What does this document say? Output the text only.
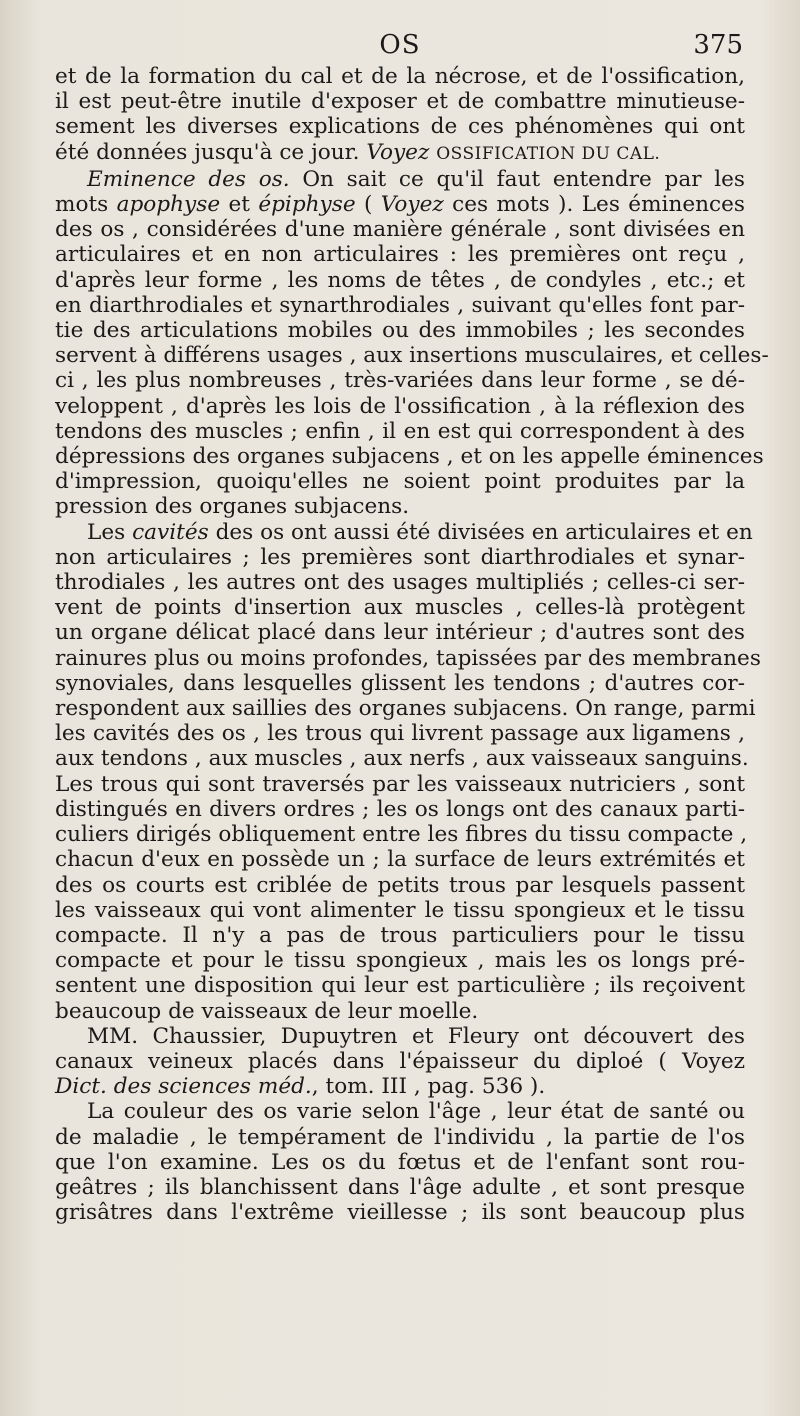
OS	375
et de la formation du cal et de la nécrose, et de l'ossification,
il est peut-être inutile d'exposer et de combattre minutieuse-
sement les diverses explications de ces phénomènes qui ont
été données jusqu'à ce jour. Voyez OSSIFICATION DU CAL.
Eminence des os. On sait ce qu'il faut entendre par les
mots apophyse et épiphyse ( Voyez ces mots ). Les éminences
des os , considérées d'une manière générale , sont divisées en
articulaires et en non articulaires : les premières ont reçu ,
d'après leur forme , les noms de têtes , de condyles , etc.; et
en diarthrodiales et synarthrodiales , suivant qu'elles font par-
tie des articulations mobiles ou des immobiles ; les secondes
servent à différens usages , aux insertions musculaires, et celles-
ci , les plus nombreuses , très-variées dans leur forme , se dé-
veloppent , d'après les lois de l'ossification , à la réflexion des
tendons des muscles ; enfin , il en est qui correspondent à des
dépressions des organes subjacens , et on les appelle éminences
d'impression, quoiqu'elles ne soient point produites par la
pression des organes subjacens.
Les cavités des os ont aussi été divisées en articulaires et en
non articulaires ; les premières sont diarthrodiales et synar-
throdiales , les autres ont des usages multipliés ; celles-ci ser-
vent de points d'insertion aux muscles , celles-là protègent
un organe délicat placé dans leur intérieur ; d'autres sont des
rainures plus ou moins profondes, tapissées par des membranes
synoviales, dans lesquelles glissent les tendons ; d'autres cor-
respondent aux saillies des organes subjacens. On range, parmi
les cavités des os , les trous qui livrent passage aux ligamens ,
aux tendons , aux muscles , aux nerfs , aux vaisseaux sanguins.
Les trous qui sont traversés par les vaisseaux nutriciers , sont
distingués en divers ordres ; les os longs ont des canaux parti-
culiers dirigés obliquement entre les fibres du tissu compacte ,
chacun d'eux en possède un ; la surface de leurs extrémités et
des os courts est criblée de petits trous par lesquels passent
les vaisseaux qui vont alimenter le tissu spongieux et le tissu
compacte. Il n'y a pas de trous particuliers pour le tissu
compacte et pour le tissu spongieux , mais les os longs pré-
sentent une disposition qui leur est particulière ; ils reçoivent
beaucoup de vaisseaux de leur moelle.
MM. Chaussier, Dupuytren et Fleury ont découvert des
canaux veineux placés dans l'épaisseur du diploé ( Voyez
Dict. des sciences méd., tom. III , pag. 536 ).
La couleur des os varie selon l'âge , leur état de santé ou
de maladie , le tempérament de l'individu , la partie de l'os
que l'on examine. Les os du fœtus et de l'enfant sont rou-
geâtres ; ils blanchissent dans l'âge adulte , et sont presque
grisâtres dans l'extrême vieillesse ; ils sont beaucoup plus
